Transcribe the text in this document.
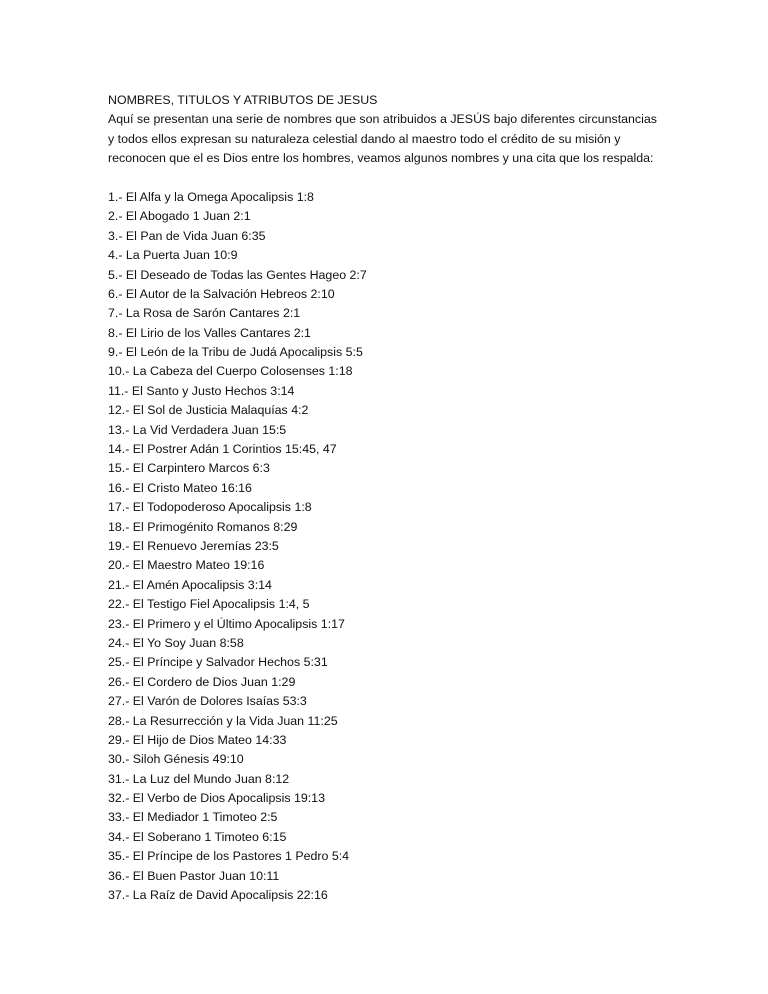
NOMBRES, TITULOS Y ATRIBUTOS DE JESUS
Aquí se presentan una serie de nombres que son atribuidos a JESÚS bajo diferentes circunstancias
y todos ellos expresan su naturaleza celestial dando al maestro todo el crédito de su misión y
reconocen que el es Dios entre los hombres, veamos algunos nombres y una cita que los respalda:
1.- El Alfa y la Omega Apocalipsis 1:8
2.- El Abogado 1 Juan 2:1
3.- El Pan de Vida Juan 6:35
4.- La Puerta Juan 10:9
5.- El Deseado de Todas las Gentes Hageo 2:7
6.- El Autor de la Salvación Hebreos 2:10
7.- La Rosa de Sarón Cantares 2:1
8.- El Lirio de los Valles Cantares 2:1
9.- El León de la Tribu de Judá Apocalipsis 5:5
10.- La Cabeza del Cuerpo Colosenses 1:18
11.- El Santo y Justo Hechos 3:14
12.- El Sol de Justicia Malaquías 4:2
13.- La Vid Verdadera Juan 15:5
14.- El Postrer Adán 1 Corintios 15:45, 47
15.- El Carpintero Marcos 6:3
16.- El Cristo Mateo 16:16
17.- El Todopoderoso Apocalipsis 1:8
18.- El Primogénito Romanos 8:29
19.- El Renuevo Jeremías 23:5
20.- El Maestro Mateo 19:16
21.- El Amén Apocalipsis 3:14
22.- El Testigo Fiel Apocalipsis 1:4, 5
23.- El Primero y el Último Apocalipsis 1:17
24.- El Yo Soy Juan 8:58
25.- El Príncipe y Salvador Hechos 5:31
26.- El Cordero de Dios Juan 1:29
27.- El Varón de Dolores Isaías 53:3
28.- La Resurrección y la Vida Juan 11:25
29.- El Hijo de Dios Mateo 14:33
30.- Siloh Génesis 49:10
31.- La Luz del Mundo Juan 8:12
32.- El Verbo de Dios Apocalipsis 19:13
33.- El Mediador 1 Timoteo 2:5
34.- El Soberano 1 Timoteo 6:15
35.- El Príncipe de los Pastores 1 Pedro 5:4
36.- El Buen Pastor Juan 10:11
37.- La Raíz de David Apocalipsis 22:16
